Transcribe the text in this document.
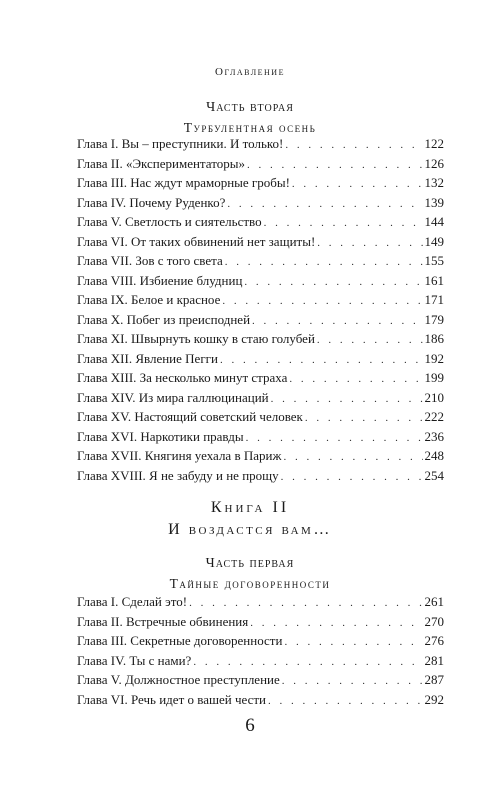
Оглавление
Часть вторая
Турбулентная осень
Глава I. Вы – преступники. И только! . . .	122
Глава II. «Экспериментаторы» . . .	126
Глава III. Нас ждут мраморные гробы! . . .	132
Глава IV. Почему Руденко? . . .	139
Глава V. Светлость и сиятельство . . .	144
Глава VI. От таких обвинений нет защиты! . . .	149
Глава VII. Зов с того света . . .	155
Глава VIII. Избиение блудниц . . .	161
Глава IX. Белое и красное . . .	171
Глава X. Побег из преисподней . . .	179
Глава XI. Швырнуть кошку в стаю голубей . . .	186
Глава XII. Явление Пегги . . .	192
Глава XIII. За несколько минут страха . . .	199
Глава XIV. Из мира галлюцинаций . . .	210
Глава XV. Настоящий советский человек . . .	222
Глава XVI. Наркотики правды . . .	236
Глава XVII. Княгиня уехала в Париж . . .	248
Глава XVIII. Я не забуду и не прощу . . .	254
Книга II
И воздастся вам…
Часть первая
Тайные договоренности
Глава I. Сделай это! . . .	261
Глава II. Встречные обвинения . . .	270
Глава III. Секретные договоренности . . .	276
Глава IV. Ты с нами? . . .	281
Глава V. Должностное преступление . . .	287
Глава VI. Речь идет о вашей чести . . .	292
6
